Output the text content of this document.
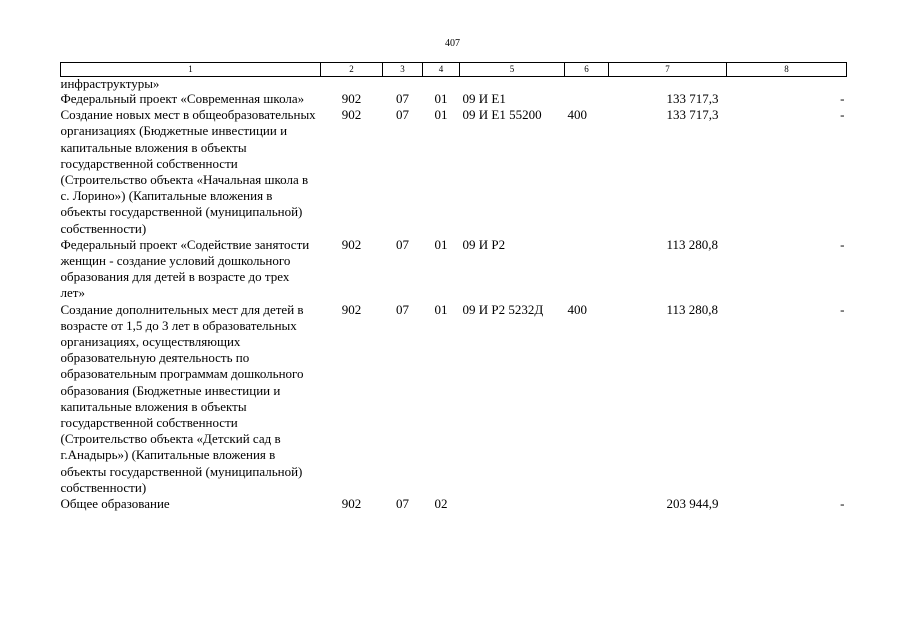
407
1	2	3	4	5	6	7	8
инфраструктуры»							
Федеральный проект «Современная школа»	902	07	01	09 И Е1		133 717,3	-
Создание новых мест в общеобразовательных организациях (Бюджетные инвестиции и капитальные вложения в объекты государственной собственности (Строительство объекта «Начальная школа в с. Лорино») (Капитальные вложения в объекты государственной (муниципальной) собственности)	902	07	01	09 И Е1 55200	400	133 717,3	-
Федеральный проект «Содействие занятости женщин - создание условий дошкольного образования для детей в возрасте до трех лет»	902	07	01	09 И Р2		113 280,8	-
Создание дополнительных мест для детей в возрасте от 1,5 до 3 лет в образовательных организациях, осуществляющих образовательную деятельность по образовательным программам дошкольного образования (Бюджетные инвестиции и капитальные вложения в объекты государственной собственности (Строительство объекта «Детский сад в г.Анадырь») (Капитальные вложения в объекты государственной (муниципальной) собственности)	902	07	01	09 И Р2 5232Д	400	113 280,8	-
Общее образование	902	07	02			203 944,9	-
